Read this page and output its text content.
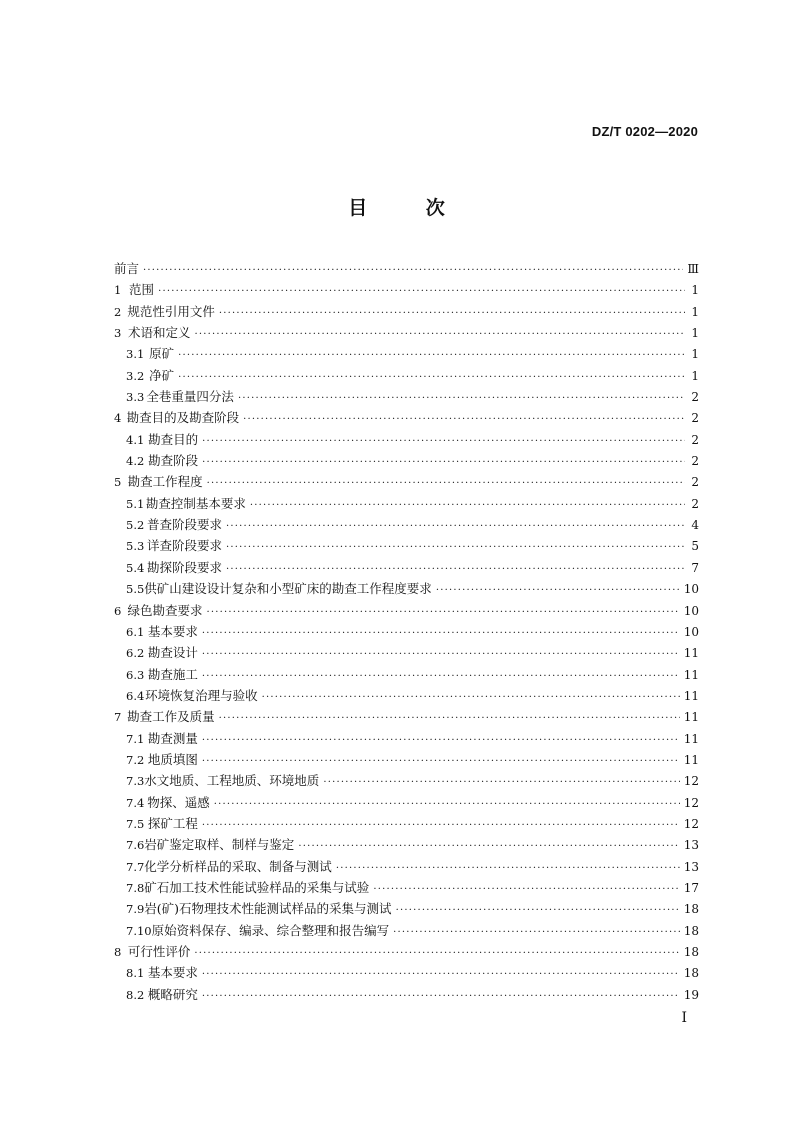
DZ/T 0202—2020
目 次
前言 ·····	Ⅲ
1 范围 ·····	1
2 规范性引用文件 ·····	1
3 术语和定义 ·····	1
3.1 原矿 ·····	1
3.2 净矿 ·····	1
3.3 全巷重量四分法 ·····	2
4 勘查目的及勘查阶段 ·····	2
4.1 勘查目的 ·····	2
4.2 勘查阶段 ·····	2
5 勘查工作程度 ·····	2
5.1 勘查控制基本要求 ·····	2
5.2 普查阶段要求 ·····	4
5.3 详查阶段要求 ·····	5
5.4 勘探阶段要求 ·····	7
5.5 供矿山建设设计复杂和小型矿床的勘查工作程度要求 ·····	10
6 绿色勘查要求 ·····	10
6.1 基本要求 ·····	10
6.2 勘查设计 ·····	11
6.3 勘查施工 ·····	11
6.4 环境恢复治理与验收 ·····	11
7 勘查工作及质量 ·····	11
7.1 勘查测量 ·····	11
7.2 地质填图 ·····	11
7.3 水文地质、工程地质、环境地质 ·····	12
7.4 物探、遥感 ·····	12
7.5 探矿工程 ·····	12
7.6 岩矿鉴定取样、制样与鉴定 ·····	13
7.7 化学分析样品的采取、制备与测试 ·····	13
7.8 矿石加工技术性能试验样品的采集与试验 ·····	17
7.9 岩(矿)石物理技术性能测试样品的采集与测试 ·····	18
7.10 原始资料保存、编录、综合整理和报告编写 ·····	18
8 可行性评价 ·····	18
8.1 基本要求 ·····	18
8.2 概略研究 ·····	19
I
